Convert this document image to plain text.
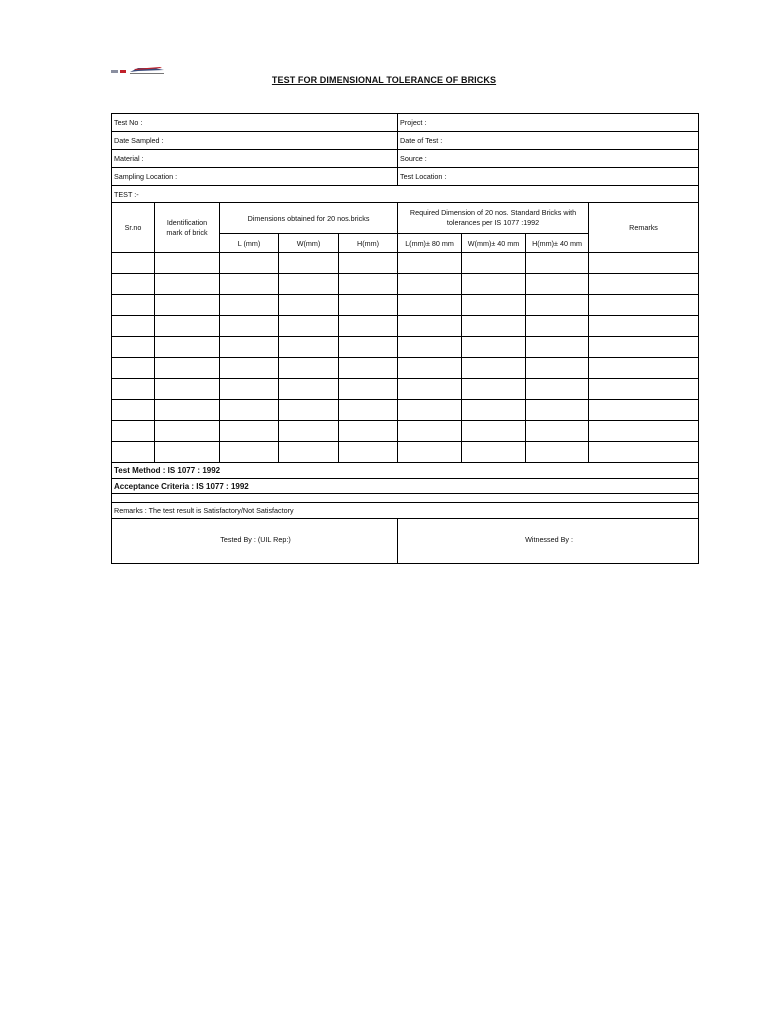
TEST FOR DIMENSIONAL TOLERANCE OF BRICKS
Test No :					Project :			
Date Sampled :					Date of Test :			
Material :					Source :			
Sampling Location :					Test Location :			
TEST :-								
Sr.no	Identification mark of brick	Dimensions obtained for 20 nos.bricks			Required Dimension of 20 nos. Standard Bricks with tolerances per IS 1077 :1992			Remarks
		L (mm)	W(mm)	H(mm)	L(mm)± 80 mm	W(mm)± 40 mm	H(mm)± 40 mm	

Test Method : IS 1077 : 1992								
Acceptance Criteria : IS 1077 : 1992								

Remarks : The test result is Satisfactory/Not Satisfactory								
Tested By : (UIL Rep:)					Witnessed By :			
